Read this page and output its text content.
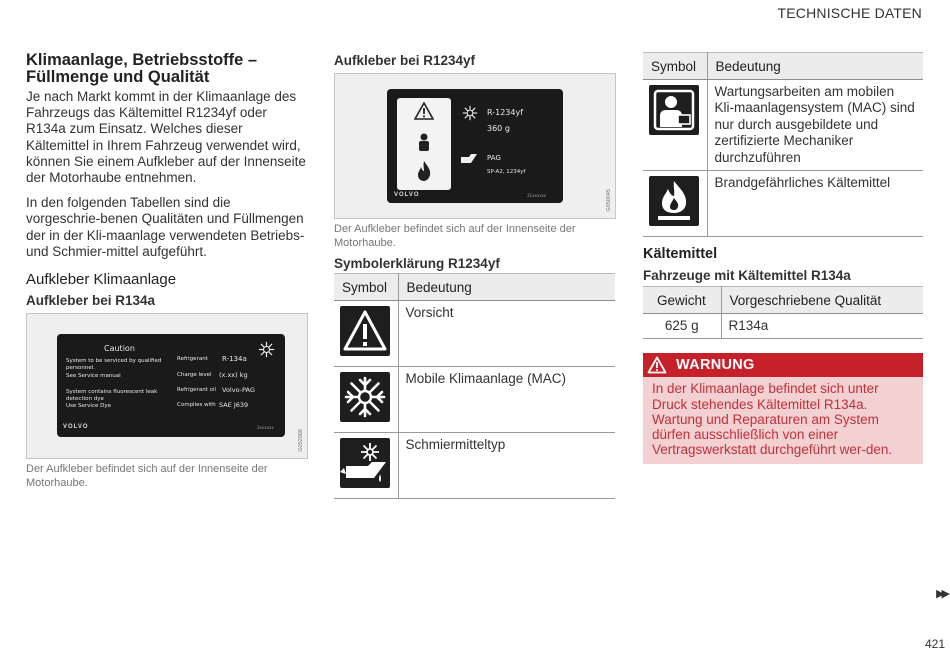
TECHNISCHE DATEN
Klimaanlage, Betriebsstoffe – Füllmenge und Qualität

Je nach Markt kommt in der Klimaanlage des Fahrzeugs das Kältemittel R1234yf oder R134a zum Einsatz. Welches dieser Kältemittel in Ihrem Fahrzeug verwendet wird, können Sie einem Aufkleber auf der Innenseite der Motorhaube entnehmen.

In den folgenden Tabellen sind die vorgeschrie-benen Qualitäten und Füllmengen der in der Kli-maanlage verwendeten Betriebs- und Schmier-mittel aufgeführt.

Aufkleber Klimaanlage
Aufkleber bei R134a
Caution
System to be serviced by qualified
personnel.
See Service manual
System contains fluorescent leak
detection dye
Use Service Dye
Refrigerant R-134a
Charge level (x.xx) kg
Refrigerant oil Volvo-PAG
Complies with SAE J639
VOLVO	3xxxxxx
G052066

Der Aufkleber befindet sich auf der Innenseite der Motorhaube.

Aufkleber bei R1234yf
R-1234yf
360 g
PAG
SP-A2, 1234yf
VOLVO	31xxxxxx	G050045

Der Aufkleber befindet sich auf der Innenseite der Motorhaube.

Symbolerklärung R1234yf
Symbol	Bedeutung

	Vorsicht

	Mobile Klimaanlage (MAC)

	Schmiermitteltyp
Symbol	Bedeutung

	Wartungsarbeiten am mobilen Kli-maanlagensystem (MAC) sind nur durch ausgebildete und zertifizierte Mechaniker durchzuführen

	Brandgefährliches Kältemittel
Kältemittel
Fahrzeuge mit Kältemittel R134a
Gewicht	Vorgeschriebene Qualität
625 g	R134a
WARNUNG
In der Klimaanlage befindet sich unter Druck stehendes Kältemittel R134a. Wartung und Reparaturen am System dürfen ausschließlich von einer Vertragswerkstatt durchgeführt wer-den.
▶▶
421
